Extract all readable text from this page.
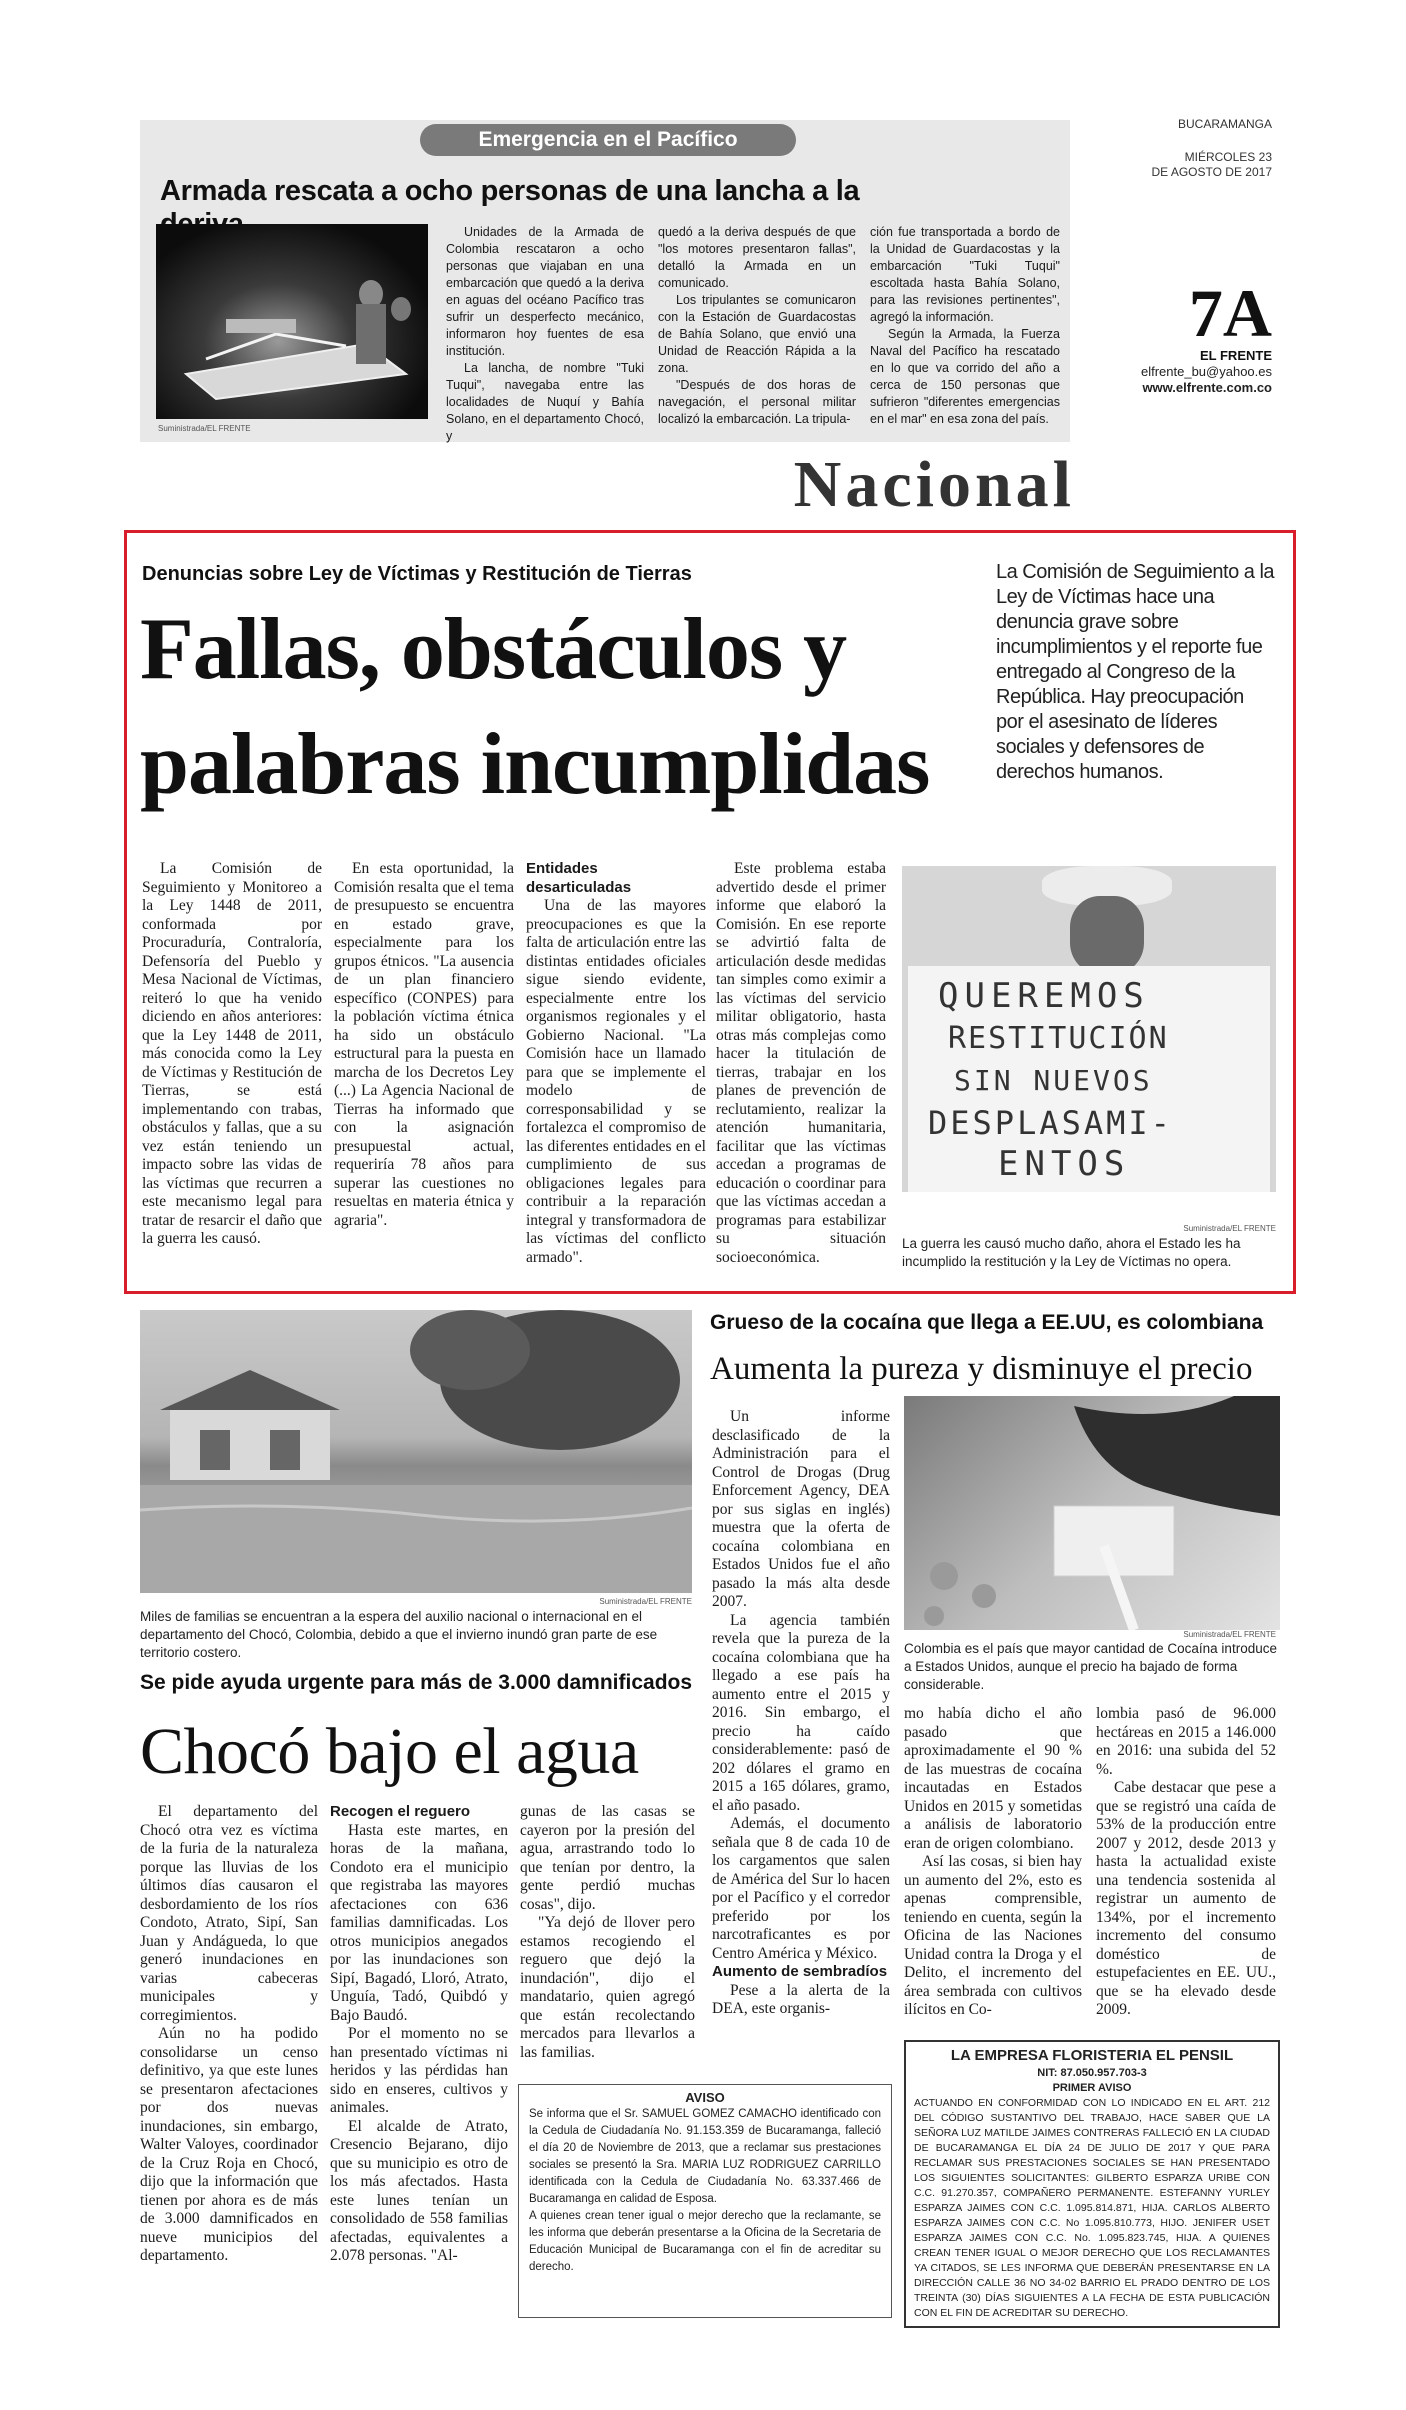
Emergencia en el Pacífico
Armada rescata a ocho personas de una lancha a la
Suministrada/EL FRENTE

Unidades de la Armada de Colombia rescataron a ocho personas que viajaban en una embarcación que quedó a la deriva en aguas del océano Pacífico tras sufrir un desperfecto mecánico, informaron hoy fuentes de esa institución.

La lancha, de nombre "Tuki Tuqui", navegaba entre las localidades de Nuquí y Bahía Solano, en el departamento Chocó, y

quedó a la deriva después de que "los motores presentaron fallas", detalló la Armada en un comunicado.

Los tripulantes se comunicaron con la Estación de Guardacostas de Bahía Solano, que envió una Unidad de Reacción Rápida a la zona.

"Después de dos horas de navegación, el personal militar localizó la embarcación. La tripula-

ción fue transportada a bordo de la Unidad de Guardacostas y la embarcación "Tuki Tuqui" escoltada hasta Bahía Solano, para las revisiones pertinentes", agregó la información.

Según la Armada, la Fuerza Naval del Pacífico ha rescatado en lo que va corrido del año a cerca de 150 personas que sufrieron "diferentes emergencias en el mar" en esa zona del país.

BUCARAMANGA
MIÉRCOLES 23
DE AGOSTO DE 2017
7A
EL FRENTE
elfrente_bu@yahoo.es
www.elfrente.com.co
Nacional
Denuncias sobre Ley de Víctimas y Restitución de Tierras
Fallas, obstáculos y
palabras incumplidas
La Comisión de Seguimiento a la Ley de Víctimas hace una denuncia grave sobre incumplimientos y el reporte fue entregado al Congreso de la República. Hay preocupación por el asesinato de líderes sociales y defensores de derechos humanos.

La Comisión de Seguimiento y Monitoreo a la Ley 1448 de 2011, conformada por Procuraduría, Contraloría, Defensoría del Pueblo y Mesa Nacional de Víctimas, reiteró lo que ha venido diciendo en años anteriores: que la Ley 1448 de 2011, más conocida como la Ley de Víctimas y Restitución de Tierras, se está implementando con trabas, obstáculos y fallas, que a su vez están teniendo un impacto sobre las vidas de las víctimas que recurren a este mecanismo legal para tratar de resarcir el daño que la guerra les causó.

En esta oportunidad, la Comisión resalta que el tema de presupuesto se encuentra en estado grave, especialmente para los grupos étnicos. "La ausencia de un plan financiero específico (CONPES) para la población víctima étnica ha sido un obstáculo estructural para la puesta en marcha de los Decretos Ley (...) La Agencia Nacional de Tierras ha informado que con la asignación presupuestal actual, requeriría 78 años para superar las cuestiones no resueltas en materia étnica y agraria".

Entidades desarticuladas

Una de las mayores preocupaciones es que la falta de articulación entre las distintas entidades oficiales sigue siendo evidente, especialmente entre los organismos regionales y el Gobierno Nacional. "La Comisión hace un llamado para que se implemente el modelo de corresponsabilidad y se fortalezca el compromiso de las diferentes entidades en el cumplimiento de sus obligaciones legales para contribuir a la reparación integral y transformadora de las víctimas del conflicto armado".

Este problema estaba advertido desde el primer informe que elaboró la Comisión. En ese reporte se advirtió falta de articulación desde medidas tan simples como eximir a las víctimas del servicio militar obligatorio, hasta otras más complejas como hacer la titulación de tierras, trabajar en los planes de prevención de reclutamiento, realizar la atención humanitaria, facilitar que las víctimas accedan a programas de educación o coordinar para que las víctimas accedan a programas para estabilizar su situación socioeconómica.

QUEREMOS
RESTITUCIÓN
SIN NUEVOS
DESPLASAMI-
ENTOS
Suministrada/EL FRENTE
La guerra les causó mucho daño, ahora el Estado les ha incumplido la restitución y la Ley de Víctimas no opera.
Suministrada/EL FRENTE
Miles de familias se encuentran a la espera del auxilio nacional o internacional en el departamento del Chocó, Colombia, debido a que el invierno inundó gran parte de ese territorio costero.
Se pide ayuda urgente para más de 3.000 damnificados
Chocó bajo el agua

El departamento del Chocó otra vez es víctima de la furia de la naturaleza porque las lluvias de los últimos días causaron el desbordamiento de los ríos Condoto, Atrato, Sipí, San Juan y Andágueda, lo que generó inundaciones en varias cabeceras municipales y corregimientos.

Aún no ha podido consolidarse un censo definitivo, ya que este lunes se presentaron afectaciones por dos nuevas inundaciones, sin embargo, Walter Valoyes, coordinador de la Cruz Roja en Chocó, dijo que la información que tienen por ahora es de más de 3.000 damnificados en nueve municipios del departamento.

Recogen el reguero

Hasta este martes, en horas de la mañana, Condoto era el municipio que registraba las mayores afectaciones con 636 familias damnificadas. Los otros municipios anegados por las inundaciones son Sipí, Bagadó, Lloró, Atrato, Unguía, Tadó, Quibdó y Bajo Baudó.

Por el momento no se han presentado víctimas ni heridos y las pérdidas han sido en enseres, cultivos y animales.

El alcalde de Atrato, Cresencio Bejarano, dijo que su municipio es otro de los más afectados. Hasta este lunes tenían un consolidado de 558 familias afectadas, equivalentes a 2.078 personas. "Al-

gunas de las casas se cayeron por la presión del agua, arrastrando todo lo que tenían por dentro, la gente perdió muchas cosas", dijo.

"Ya dejó de llover pero estamos recogiendo el reguero que dejó la inundación", dijo el mandatario, quien agregó que están recolectando mercados para llevarlos a las familias.

AVISO
Se informa que el Sr. SAMUEL GOMEZ CAMACHO identificado con la Cedula de Ciudadanía No. 91.153.359 de Bucaramanga, falleció el día 20 de Noviembre de 2013, que a reclamar sus prestaciones sociales se presentó la Sra. MARIA LUZ RODRIGUEZ CARRILLO identificada con la Cedula de Ciudadanía No. 63.337.466 de Bucaramanga en calidad de Esposa.
A quienes crean tener igual o mejor derecho que la reclamante, se les informa que deberán presentarse a la Oficina de la Secretaria de Educación Municipal de Bucaramanga con el fin de acreditar su derecho.
Grueso de la cocaína que llega a EE.UU, es colombiana
Aumenta la pureza y disminuye el precio

Un informe desclasificado de la Administración para el Control de Drogas (Drug Enforcement Agency, DEA por sus siglas en inglés) muestra que la oferta de cocaína colombiana en Estados Unidos fue el año pasado la más alta desde 2007.

La agencia también revela que la pureza de la cocaína colombiana que ha llegado a ese país ha aumento entre el 2015 y 2016. Sin embargo, el precio ha caído considerablemente: pasó de 202 dólares el gramo en 2015 a 165 dólares, gramo, el año pasado.

Además, el documento señala que 8 de cada 10 de los cargamentos que salen de América del Sur lo hacen por el Pacífico y el corredor preferido por los narcotraficantes es por Centro América y México.

Aumento de sembradíos

Pese a la alerta de la DEA, este organis-

Suministrada/EL FRENTE
Colombia es el país que mayor cantidad de Cocaína introduce a Estados Unidos, aunque el precio ha bajado de forma considerable.

mo había dicho el año pasado que aproximadamente el 90 % de las muestras de cocaína incautadas en Estados Unidos en 2015 y sometidas a análisis de laboratorio eran de origen colombiano.

Así las cosas, si bien hay un aumento del 2%, esto es apenas comprensible, teniendo en cuenta, según la Oficina de las Naciones Unidad contra la Droga y el Delito, el incremento del área sembrada con cultivos ilícitos en Co-

lombia pasó de 96.000 hectáreas en 2015 a 146.000 en 2016: una subida del 52 %.

Cabe destacar que pese a que se registró una caída de 53% de la producción entre 2007 y 2012, desde 2013 y hasta la actualidad existe una tendencia sostenida al registrar un aumento de 134%, por el incremento incremento del consumo doméstico de estupefacientes en EE. UU., que se ha elevado desde 2009.

LA EMPRESA FLORISTERIA EL PENSIL
NIT: 87.050.957.703-3
PRIMER AVISO
ACTUANDO EN CONFORMIDAD CON LO INDICADO EN EL ART. 212 DEL CÓDIGO SUSTANTIVO DEL TRABAJO, HACE SABER QUE LA SEÑORA LUZ MATILDE JAIMES CONTRERAS FALLECIÓ EN LA CIUDAD DE BUCARAMANGA EL DÍA 24 DE JULIO DE 2017 Y QUE PARA RECLAMAR SUS PRESTACIONES SOCIALES SE HAN PRESENTADO LOS SIGUIENTES SOLICITANTES: GILBERTO ESPARZA URIBE CON C.C. 91.270.357, COMPAÑERO PERMANENTE. ESTEFANNY YURLEY ESPARZA JAIMES CON C.C. 1.095.814.871, HIJA. CARLOS ALBERTO ESPARZA JAIMES CON C.C. No 1.095.810.773, HIJO. JENIFER USET ESPARZA JAIMES CON C.C. No. 1.095.823.745, HIJA. A QUIENES CREAN TENER IGUAL O MEJOR DERECHO QUE LOS RECLAMANTES YA CITADOS, SE LES INFORMA QUE DEBERÁN PRESENTARSE EN LA DIRECCIÓN CALLE 36 NO 34-02 BARRIO EL PRADO DENTRO DE LOS TREINTA (30) DÍAS SIGUIENTES A LA FECHA DE ESTA PUBLICACIÓN CON EL FIN DE ACREDITAR SU DERECHO.
